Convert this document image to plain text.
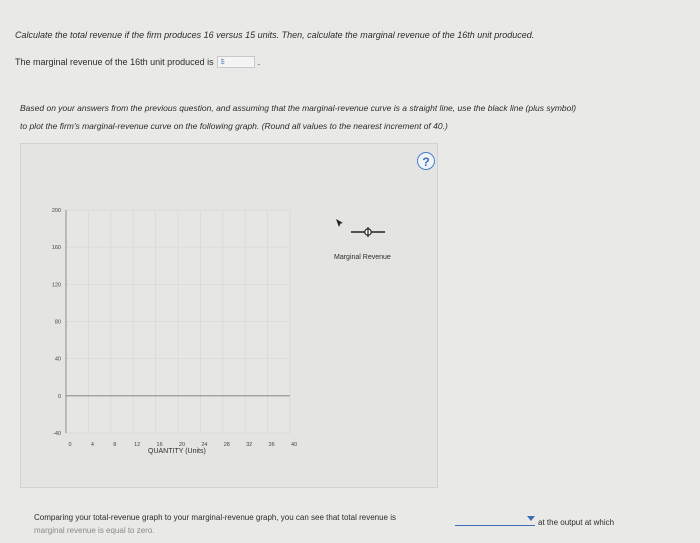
Calculate the total revenue if the firm produces 16 versus 15 units. Then, calculate the marginal revenue of the 16th unit produced.
The marginal revenue of the 16th unit produced is	$	.
Based on your answers from the previous question, and assuming that the marginal-revenue curve is a straight line, use the black line (plus symbol)
to plot the firm's marginal-revenue curve on the following graph. (Round all values to the nearest increment of 40.)
?
-40
0
40
80
120
160
200
0	4	8	12	16	20	24	28	32	36	40
Marginal Revenue
QUANTITY (Units)
Comparing your total-revenue graph to your marginal-revenue graph, you can see that total revenue is
at the output at which
marginal revenue is equal to zero.
